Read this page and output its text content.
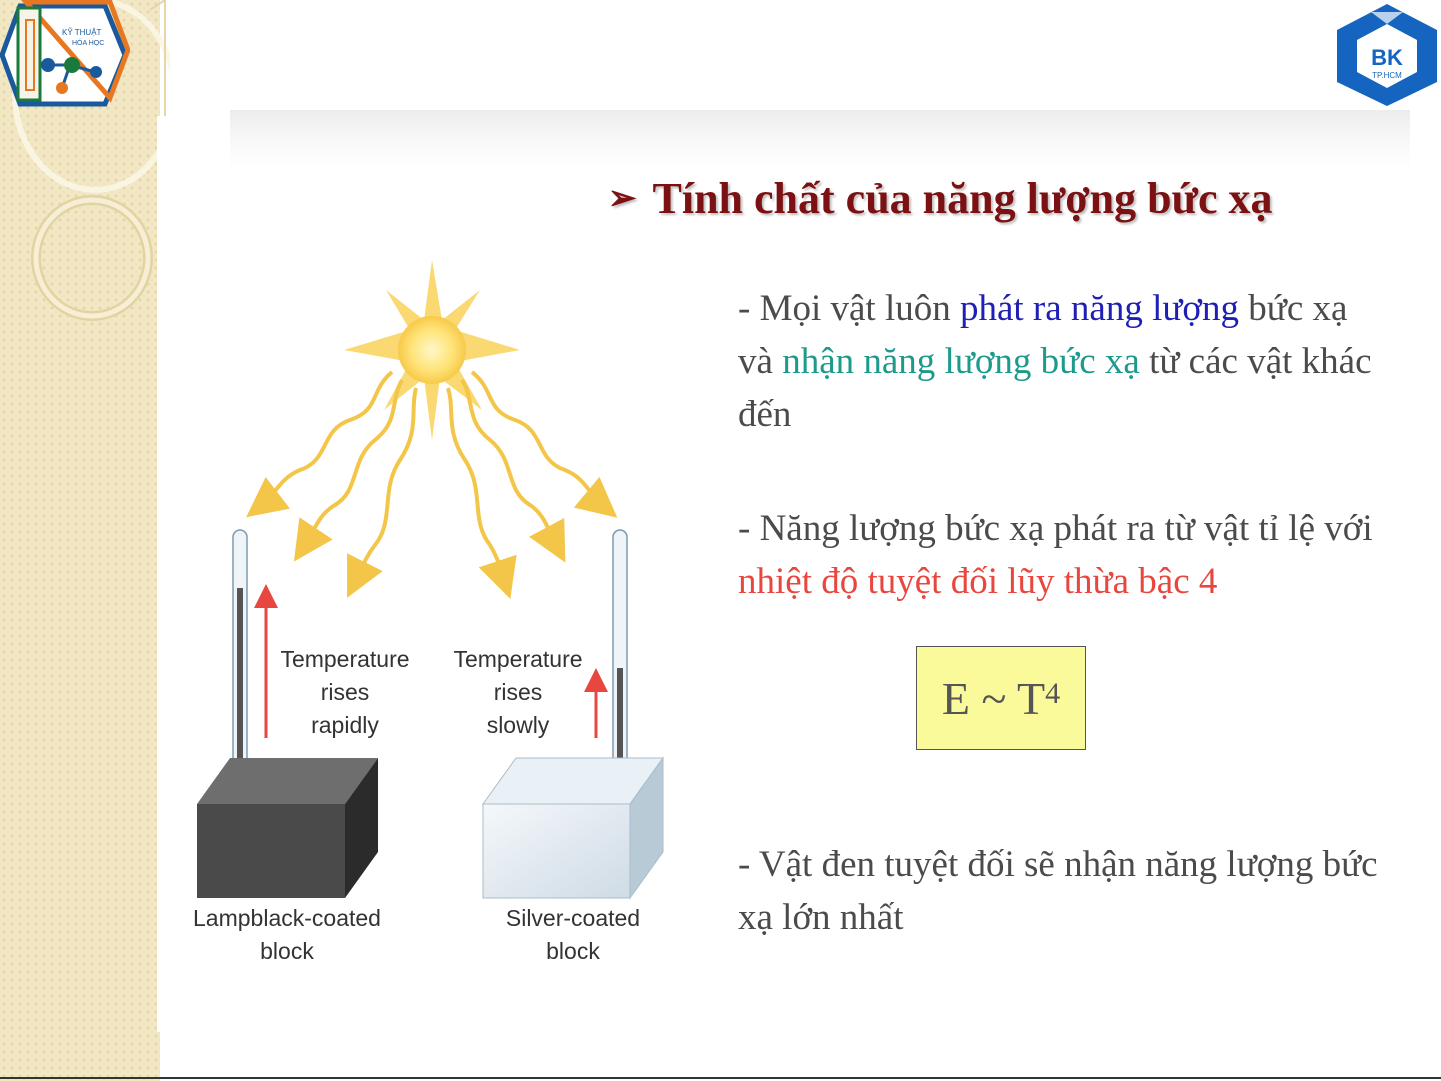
KỸ THUẬT
HÓA HỌC
BK
TP.HCM
➢ Tính chất của năng lượng bức xạ
- Mọi vật luôn phát ra năng lượng bức xạ và nhận năng lượng bức xạ từ các vật khác đến
- Năng lượng bức xạ phát ra từ vật tỉ lệ với nhiệt độ tuyệt đối lũy thừa bậc 4
E ~ $T^4$
- Vật đen tuyệt đối sẽ nhận năng lượng bức xạ lớn nhất
Temperature
rises
rapidly
Temperature
rises
slowly
Lampblack-coated
block
Silver-coated
block
